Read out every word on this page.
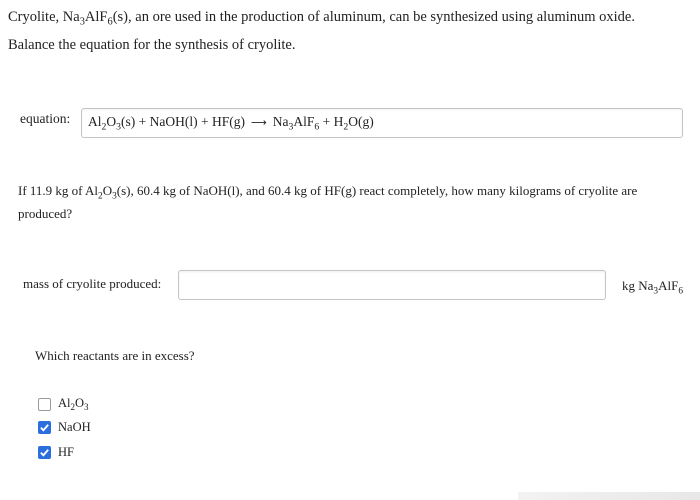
Cryolite, $Na_3AlF_6(s)$, an ore used in the production of aluminum, can be synthesized using aluminum oxide.
Balance the equation for the synthesis of cryolite.
equation: $Al_2O_3(s)$ + NaOH(l) + HF(g) ⟶ $Na_3AlF_6 + H_2O(g)$
If 11.9 kg of $Al_2O_3(s)$, 60.4 kg of NaOH(l), and 60.4 kg of HF(g) react completely, how many kilograms of cryolite are produced?
mass of cryolite produced:	kg $Na_3AlF_6$
Which reactants are in excess?
$Al_2O_3$
NaOH
HF
